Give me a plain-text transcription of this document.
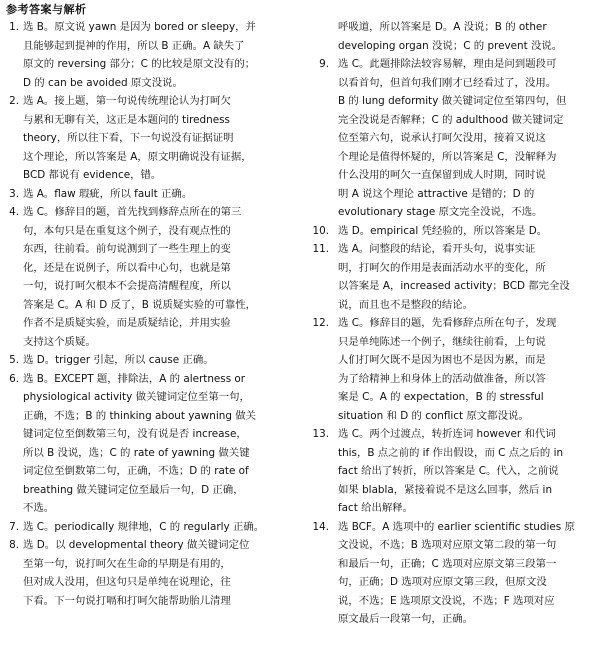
参考答案与解析
1. 选 B。原文说 yawn 是因为 bored or sleepy，并
且能够起到提神的作用，所以 B 正确。A 缺失了
原文的 reversing 部分；C 的比较是原文没有的；
D 的 can be avoided 原文没说。
2. 选 A。接上题，第一句说传统理论认为打呵欠
与累和无聊有关，这正是本题问的 tiredness
theory，所以往下看，下一句说没有证据证明
这个理论，所以答案是 A，原文明确说没有证据，
BCD 都说有 evidence，错。
3. 选 A。flaw 瑕疵，所以 fault 正确。
4. 选 C。修辞目的题，首先找到修辞点所在的第三
句，本句只是在重复这个例子，没有观点性的
东西，往前看。前句说测到了一些生理上的变
化，还是在说例子，所以看中心句，也就是第
一句，说打呵欠根本不会提高清醒程度，所以
答案是 C。A 和 D 反了，B 说质疑实验的可靠性，
作者不是质疑实验，而是质疑结论，并用实验
支持这个质疑。
5. 选 D。trigger 引起，所以 cause 正确。
6. 选 B。EXCEPT 题，排除法，A 的 alertness or
physiological activity 做关键词定位至第一句，
正确，不选；B 的 thinking about yawning 做关
键词定位至倒数第三句，没有说是否 increase，
所以 B 没说，选；C 的 rate of yawning 做关键
词定位至倒数第二句，正确，不选；D 的 rate of
breathing 做关键词定位至最后一句，D 正确，
不选。
7. 选 C。periodically 规律地，C 的 regularly 正确。
8. 选 D。以 developmental theory 做关键词定位
至第一句，说打呵欠在生命的早期是有用的，
但对成人没用，但这句只是单纯在说理论，往
下看。下一句说打嗝和打呵欠能帮助胎儿清理
呼吸道，所以答案是 D。A 没说；B 的 other
developing organ 没说；C 的 prevent 没说。
9. 选 C。此题排除法较容易解，理由是问到题段可
以看首句，但首句我们刚才已经看过了，没用。
B 的 lung deformity 做关键词定位至第四句，但
完全没说是否解释；C 的 adulthood 做关键词定
位至第六句，说承认打呵欠没用，接着又说这
个理论是值得怀疑的，所以答案是 C，没解释为
什么没用的呵欠一直保留到成人时期，同时说
明 A 说这个理论 attractive 是错的；D 的
evolutionary stage 原文完全没说，不选。
10. 选 D。empirical 凭经验的，所以答案是 D。
11. 选 A。问整段的结论，看开头句，说事实证
明，打呵欠的作用是表面活动水平的变化，所
以答案是 A，increased activity；BCD 都完全没
说，而且也不是整段的结论。
12. 选 C。修辞目的题，先看修辞点所在句子，发现
只是单纯陈述一个例子，继续往前看，上句说
人们打呵欠既不是因为困也不是因为累，而是
为了给精神上和身体上的活动做准备，所以答
案是 C。A 的 expectation，B 的 stressful
situation 和 D 的 conflict 原文都没说。
13. 选 C。两个过渡点，转折连词 however 和代词
this，B 点之前的 if 作出假设，而 C 点之后的 in
fact 给出了转折，所以答案是 C。代入，之前说
如果 blabla，紧接着说不是这么回事，然后 in
fact 给出解释。
14. 选 BCF。A 选项中的 earlier scientific studies 原
文没说，不选；B 选项对应原文第二段的第一句
和最后一句，正确；C 选项对应原文第三段第一
句，正确；D 选项对应原文第三段，但原文没
说，不选；E 选项原文没说，不选；F 选项对应
原文最后一段第一句，正确。
